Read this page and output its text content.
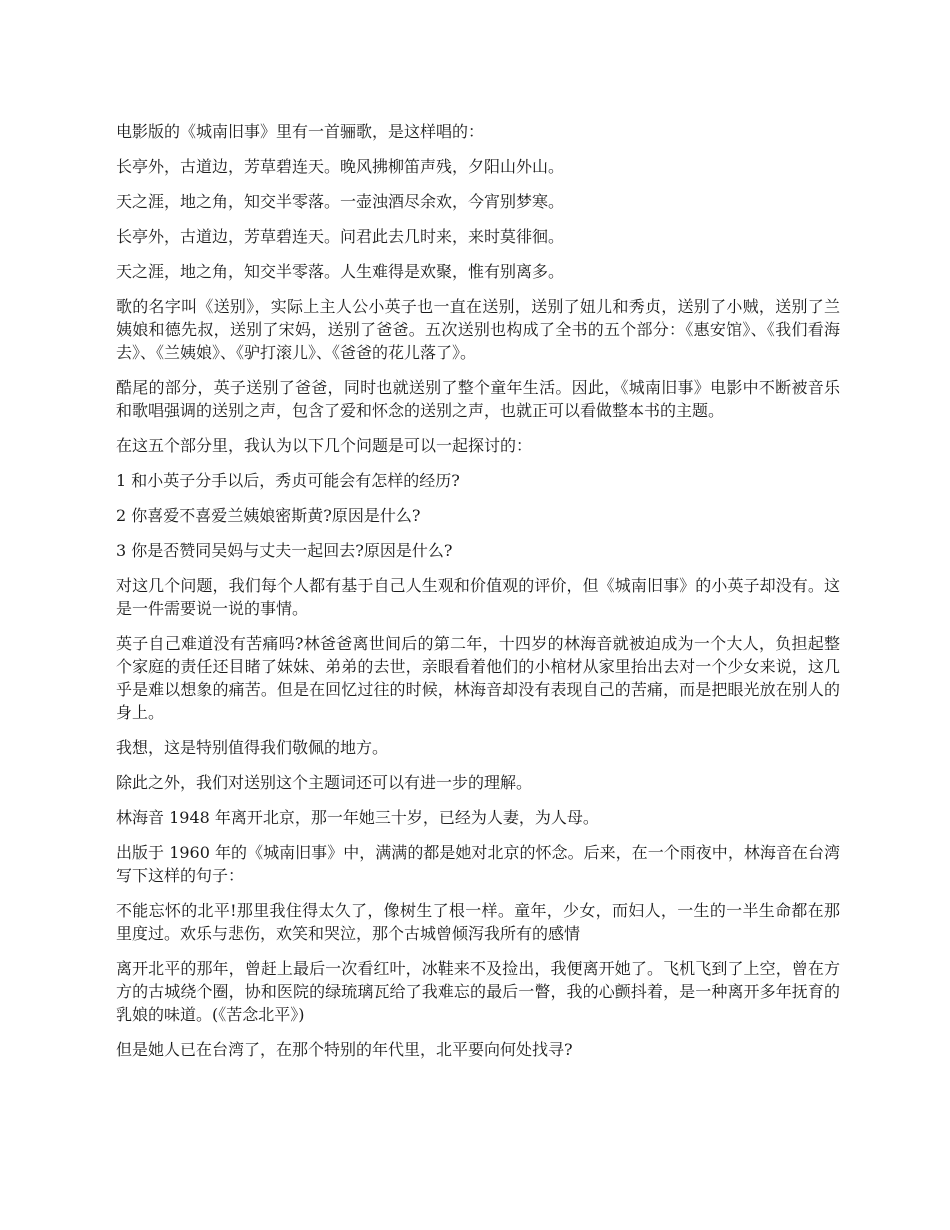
电影版的《城南旧事》里有一首骊歌，是这样唱的：

长亭外，古道边，芳草碧连天。晚风拂柳笛声残，夕阳山外山。

天之涯，地之角，知交半零落。一壶浊酒尽余欢，今宵别梦寒。

长亭外，古道边，芳草碧连天。问君此去几时来，来时莫徘徊。

天之涯，地之角，知交半零落。人生难得是欢聚，惟有别离多。

歌的名字叫《送别》，实际上主人公小英子也一直在送别，送别了妞儿和秀贞，送别了小贼，送别了兰姨娘和德先叔，送别了宋妈，送别了爸爸。五次送别也构成了全书的五个部分：《惠安馆》、《我们看海去》、《兰姨娘》、《驴打滚儿》、《爸爸的花儿落了》。

酷尾的部分，英子送别了爸爸，同时也就送别了整个童年生活。因此，《城南旧事》电影中不断被音乐和歌唱强调的送别之声，包含了爱和怀念的送别之声，也就正可以看做整本书的主题。

在这五个部分里，我认为以下几个问题是可以一起探讨的：

1 和小英子分手以后，秀贞可能会有怎样的经历?

2 你喜爱不喜爱兰姨娘密斯黄?原因是什么?

3 你是否赞同吴妈与丈夫一起回去?原因是什么?

对这几个问题，我们每个人都有基于自己人生观和价值观的评价，但《城南旧事》的小英子却没有。这是一件需要说一说的事情。

英子自己难道没有苦痛吗?林爸爸离世间后的第二年，十四岁的林海音就被迫成为一个大人，负担起整个家庭的责任还目睹了妹妹、弟弟的去世，亲眼看着他们的小棺材从家里抬出去对一个少女来说，这几乎是难以想象的痛苦。但是在回忆过往的时候，林海音却没有表现自己的苦痛，而是把眼光放在别人的身上。

我想，这是特别值得我们敬佩的地方。

除此之外，我们对送别这个主题词还可以有进一步的理解。

林海音 1948 年离开北京，那一年她三十岁，已经为人妻，为人母。

出版于 1960 年的《城南旧事》中，满满的都是她对北京的怀念。后来，在一个雨夜中，林海音在台湾写下这样的句子：

不能忘怀的北平!那里我住得太久了，像树生了根一样。童年，少女，而妇人，一生的一半生命都在那里度过。欢乐与悲伤，欢笑和哭泣，那个古城曾倾泻我所有的感情

离开北平的那年，曾赶上最后一次看红叶，冰鞋来不及捡出，我便离开她了。飞机飞到了上空，曾在方方的古城绕个圈，协和医院的绿琉璃瓦给了我难忘的最后一瞥，我的心颤抖着，是一种离开多年抚育的乳娘的味道。(《苦念北平》)

但是她人已在台湾了，在那个特别的年代里，北平要向何处找寻?
